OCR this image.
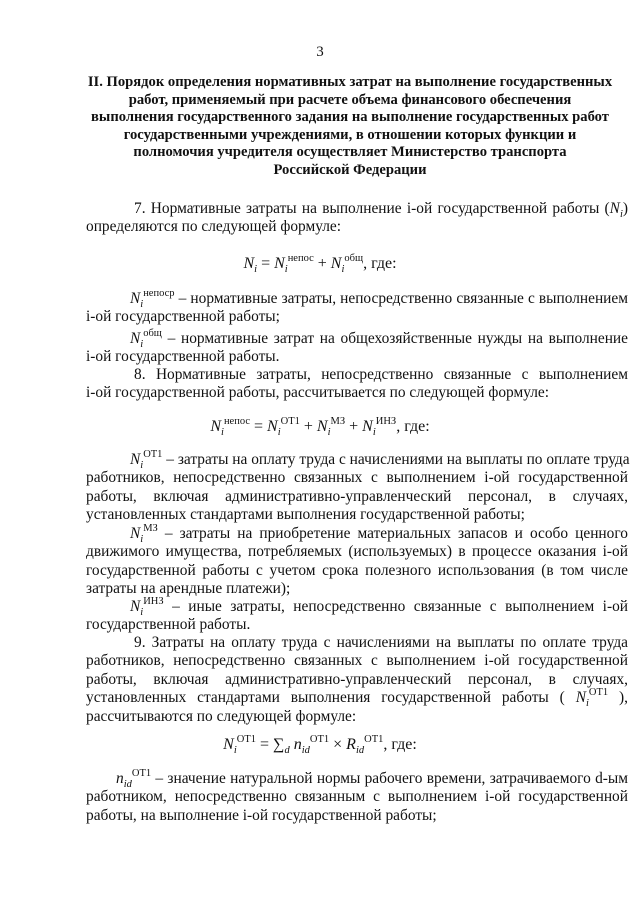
3
II. Порядок определения нормативных затрат на выполнение государственных
работ, применяемый при расчете объема финансового обеспечения
выполнения государственного задания на выполнение государственных работ
государственными учреждениями, в отношении которых функции и
полномочия учредителя осуществляет Министерство транспорта
Российской Федерации
7. Нормативные затраты на выполнение i-ой государственной работы $(N_i)$
определяются по следующей формуле:
$N_i = N_i^{непос} + N_i^{общ}$, где:
$N_i^{непоср}$ – нормативные затраты, непосредственно связанные с выполнением
i-ой государственной работы;
$N_i^{общ}$ – нормативные затрат на общехозяйственные нужды на выполнение
i-ой государственной работы.
8. Нормативные затраты, непосредственно связанные с выполнением
i-ой государственной работы, рассчитывается по следующей формуле:
$N_i^{непос} = N_i^{ОТ1} + N_i^{МЗ} + N_i^{ИНЗ}$, где:
$N_i^{ОТ1}$ – затраты на оплату труда с начислениями на выплаты по оплате труда
работников, непосредственно связанных с выполнением i-ой государственной
работы, включая административно-управленческий персонал, в случаях,
установленных стандартами выполнения государственной работы;
$N_i^{МЗ}$ – затраты на приобретение материальных запасов и особо ценного
движимого имущества, потребляемых (используемых) в процессе оказания i-ой
государственной работы с учетом срока полезного использования (в том числе
затраты на арендные платежи);
$N_i^{ИНЗ}$ – иные затраты, непосредственно связанные с выполнением i-ой
государственной работы.
9. Затраты на оплату труда с начислениями на выплаты по оплате труда
работников, непосредственно связанных с выполнением i-ой государственной
работы, включая административно-управленческий персонал, в случаях,
установленных стандартами выполнения государственной работы ( $N_i^{ОТ1}$ ),
рассчитываются по следующей формуле:
$N_i^{ОТ1} = \sum_d$ $n_{id}^{ОТ1} \times R_{id}^{ОТ1}$, где:
$n_{id}^{ОТ1}$ – значение натуральной нормы рабочего времени, затрачиваемого d-ым
работником, непосредственно связанным с выполнением i-ой государственной
работы, на выполнение i-ой государственной работы;
